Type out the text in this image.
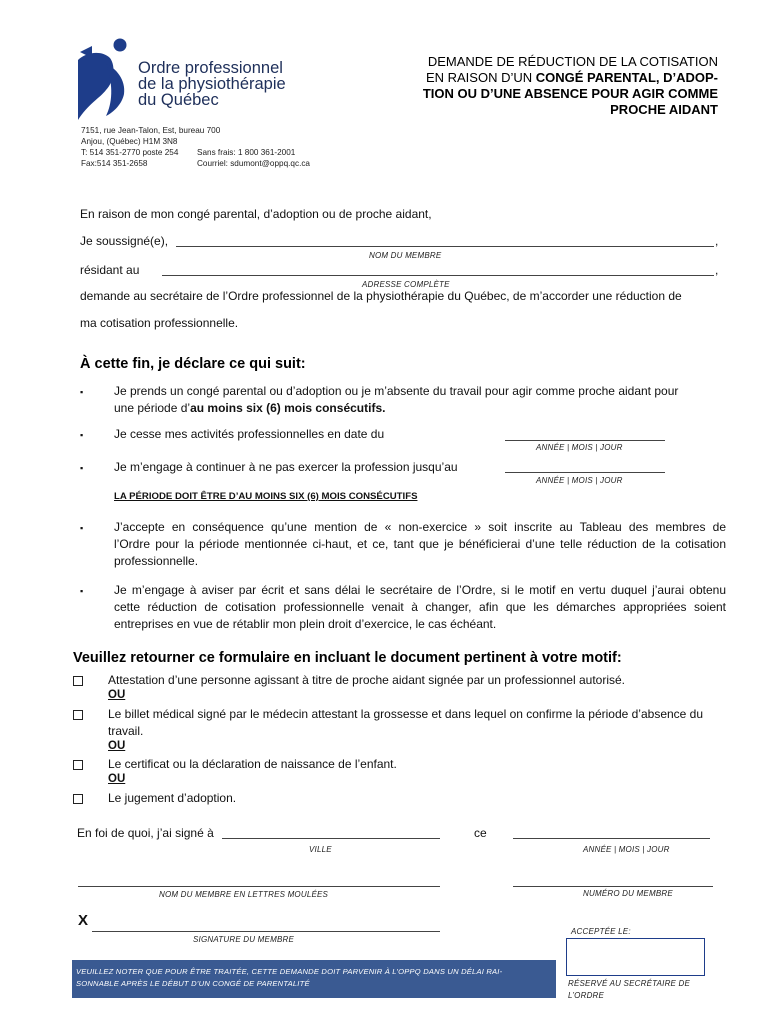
Ordre professionnel
de la physiothérapie
du Québec
7151, rue Jean-Talon, Est, bureau 700
Anjou, (Québec) H1M 3N8
T: 514 351-2770 poste 254 Sans frais: 1 800 361-2001
Fax:514 351-2658	Courriel: sdumont@oppq.qc.ca
DEMANDE DE RÉDUCTION DE LA COTISATION
EN RAISON D’UN CONGÉ PARENTAL, D’ADOP-
TION OU D’UNE ABSENCE POUR AGIR COMME
PROCHE AIDANT
En raison de mon congé parental, d’adoption ou de proche aidant,
Je soussigné(e),	,
NOM DU MEMBRE
résidant au	,
ADRESSE COMPLÈTE
demande au secrétaire de l’Ordre professionnel de la physiothérapie du Québec, de m’accorder une réduction de
ma cotisation professionnelle.
À cette fin, je déclare ce qui suit:
▪	Je prends un congé parental ou d’adoption ou je m’absente du travail pour agir comme proche aidant pour
une période d’au moins six (6) mois consécutifs.
▪	Je cesse mes activités professionnelles en date du
ANNÉE | MOIS | JOUR
▪	Je m’engage à continuer à ne pas exercer la profession jusqu’au
ANNÉE | MOIS | JOUR
LA PÉRIODE DOIT ÊTRE D’AU MOINS SIX (6) MOIS CONSÉCUTIFS
▪	J’accepte en conséquence qu’une mention de « non-exercice » soit inscrite au Tableau des membres de
l’Ordre pour la période mentionnée ci-haut, et ce, tant que je bénéficierai d’une telle réduction de la cotisation
professionnelle.
▪	Je m’engage à aviser par écrit et sans délai le secrétaire de l’Ordre, si le motif en vertu duquel j’aurai obtenu
cette réduction de cotisation professionnelle venait à changer, afin que les démarches appropriées soient
entreprises en vue de rétablir mon plein droit d’exercice, le cas échéant.
Veuillez retourner ce formulaire en incluant le document pertinent à votre motif:
Attestation d’une personne agissant à titre de proche aidant signée par un professionnel autorisé.
OU
Le billet médical signé par le médecin attestant la grossesse et dans lequel on confirme la période d’absence du
travail.
OU
Le certificat ou la déclaration de naissance de l’enfant.
OU
Le jugement d’adoption.
En foi de quoi, j’ai signé à
VILLE
ce
ANNÉE | MOIS | JOUR
NOM DU MEMBRE EN LETTRES MOULÉES	NUMÉRO DU MEMBRE
X
SIGNATURE DU MEMBRE
ACCEPTÉE LE:
RÉSERVÉ AU SECRÉTAIRE DE
L’ORDRE
VEUILLEZ NOTER QUE POUR ÊTRE TRAITÉE, CETTE DEMANDE DOIT PARVENIR À L’OPPQ DANS UN DÉLAI RAI-
SONNABLE APRÈS LE DÉBUT D’UN CONGÉ DE PARENTALITÉ
